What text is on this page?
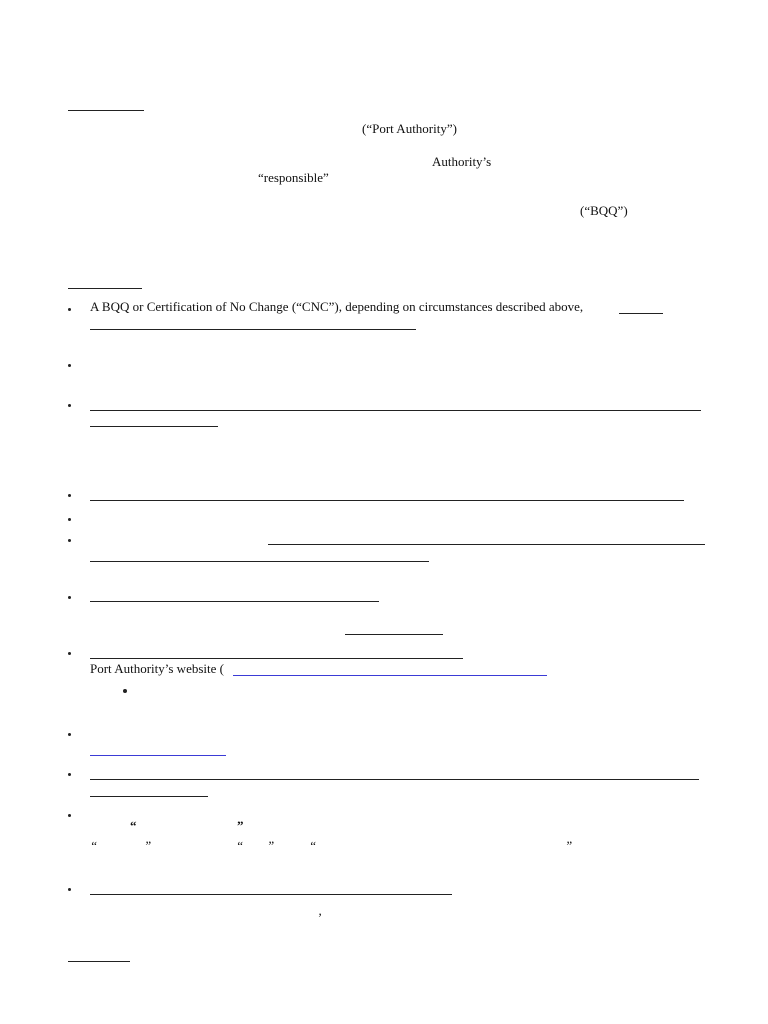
(“Port Authority”)
Authority’s
“responsible”
(“BQQ”)
A BQQ or Certification of No Change (“CNC”), depending on circumstances described above,
Port Authority’s website (
“	”
“	”	“ ”	“	”
’
